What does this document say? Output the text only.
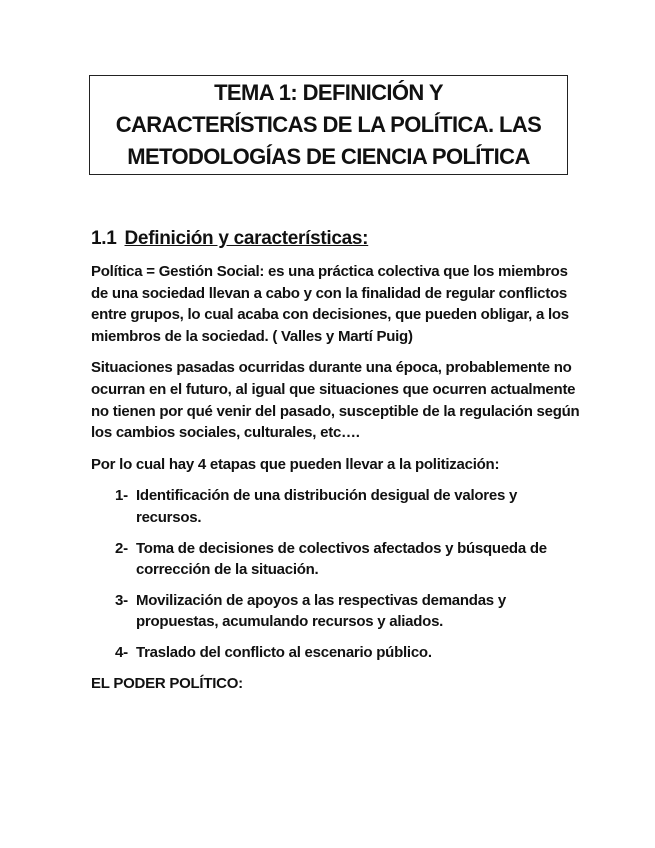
TEMA 1: DEFINICIÓN Y
CARACTERÍSTICAS DE LA POLÍTICA. LAS
METODOLOGÍAS DE CIENCIA POLÍTICA
1.1 Definición y características:

Política = Gestión Social: es una práctica colectiva que los miembros de una sociedad llevan a cabo y con la finalidad de regular conflictos entre grupos, lo cual acaba con decisiones, que pueden obligar, a los miembros de la sociedad. ( Valles y Martí Puig)

Situaciones pasadas ocurridas durante una época, probablemente no ocurran en el futuro, al igual que situaciones que ocurren actualmente no tienen por qué venir del pasado, susceptible de la regulación según los cambios sociales, culturales, etc….

Por lo cual hay 4 etapas que pueden llevar a la politización:

1- Identificación de una distribución desigual de valores y recursos.
2- Toma de decisiones de colectivos afectados y búsqueda de corrección de la situación.
3- Movilización de apoyos a las respectivas demandas y propuestas, acumulando recursos y aliados.
4- Traslado del conflicto al escenario público.

EL PODER POLÍTICO:
